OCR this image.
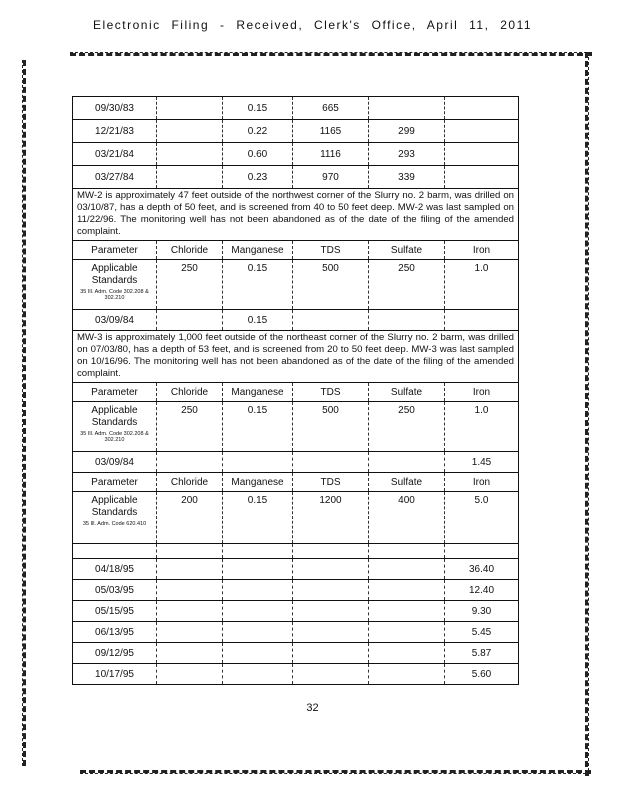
Electronic Filing - Received, Clerk's Office, April 11, 2011
09/30/83		0.15	665		
12/21/83		0.22	1165	299	
03/21/84		0.60	1116	293	
03/27/84		0.23	970	339	
MW-2 is approximately 47 feet outside of the northwest corner of the Slurry no. 2 barm, was drilled on 03/10/87, has a depth of 50 feet, and is screened from 40 to 50 feet deep. MW-2 was last sampled on 11/22/96. The monitoring well has not been abandoned as of the date of the filing of the amended complaint.
Parameter	Chloride	Manganese	TDS	Sulfate	Iron
Applicable Standards
35 Ill. Adm. Code 302.208 & 302.210	250	0.15	500	250	1.0
03/09/84		0.15			
MW-3 is approximately 1,000 feet outside of the northeast corner of the Slurry no. 2 barm, was drilled on 07/03/80, has a depth of 53 feet, and is screened from 20 to 50 feet deep. MW-3 was last sampled on 10/16/96. The monitoring well has not been abandoned as of the date of the filing of the amended complaint.
Parameter	Chloride	Manganese	TDS	Sulfate	Iron
Applicable Standards
35 Ill. Adm. Code 302.208 & 302.210	250	0.15	500	250	1.0
03/09/84					1.45
Parameter	Chloride	Manganese	TDS	Sulfate	Iron
Applicable Standards
35 Ill. Adm. Code 620.410	200	0.15	1200	400	5.0

04/18/95					36.40
05/03/95					12.40
05/15/95					9.30
06/13/95					5.45
09/12/95					5.87
10/17/95					5.60
32
